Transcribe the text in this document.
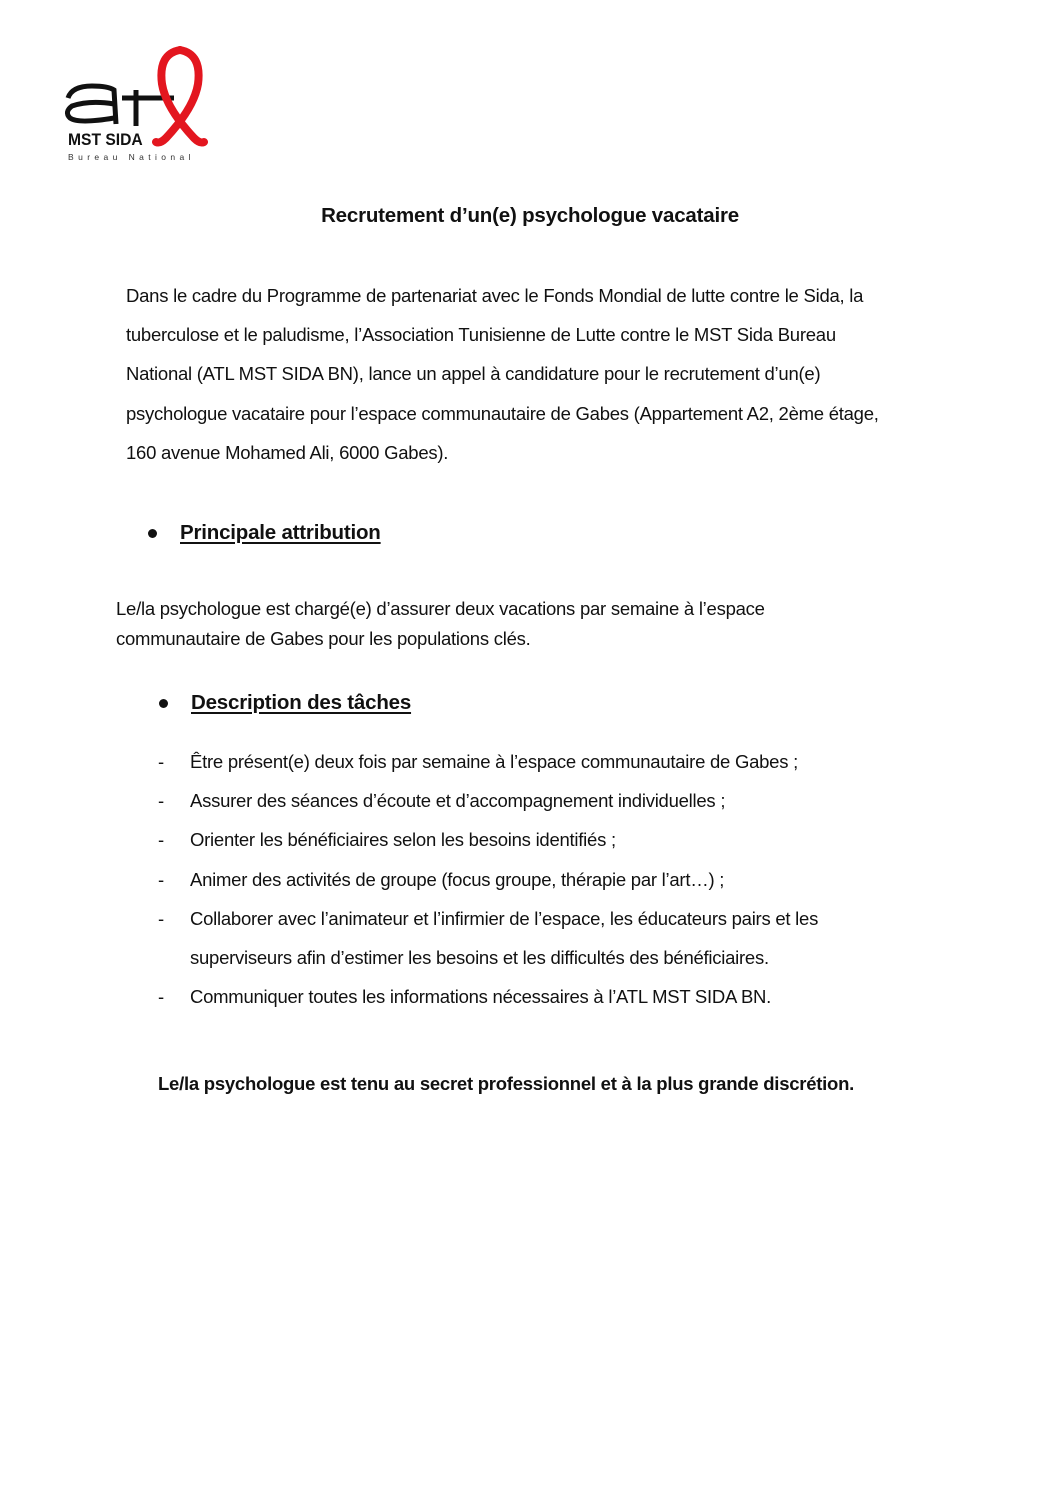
MST SIDA
Bureau National
Recrutement d’un(e) psychologue vacataire
Dans le cadre du Programme de partenariat avec le Fonds Mondial de lutte contre le Sida, la
tuberculose et le paludisme, l’Association Tunisienne de Lutte contre le MST Sida Bureau
National (ATL MST SIDA BN), lance un appel à candidature pour le recrutement d’un(e)
psychologue vacataire pour l’espace communautaire de Gabes (Appartement A2, 2ème étage,
160 avenue Mohamed Ali, 6000 Gabes).
Principale attribution
Le/la psychologue est chargé(e) d’assurer deux vacations par semaine à l’espace
communautaire de Gabes pour les populations clés.
Description des tâches
- Être présent(e) deux fois par semaine à l’espace communautaire de Gabes ;
- Assurer des séances d’écoute et d’accompagnement individuelles ;
- Orienter les bénéficiaires selon les besoins identifiés ;
- Animer des activités de groupe (focus groupe, thérapie par l’art…) ;
- Collaborer avec l’animateur et l’infirmier de l’espace, les éducateurs pairs et les
superviseurs afin d’estimer les besoins et les difficultés des bénéficiaires.
- Communiquer toutes les informations nécessaires à l’ATL MST SIDA BN.
Le/la psychologue est tenu au secret professionnel et à la plus grande discrétion.
